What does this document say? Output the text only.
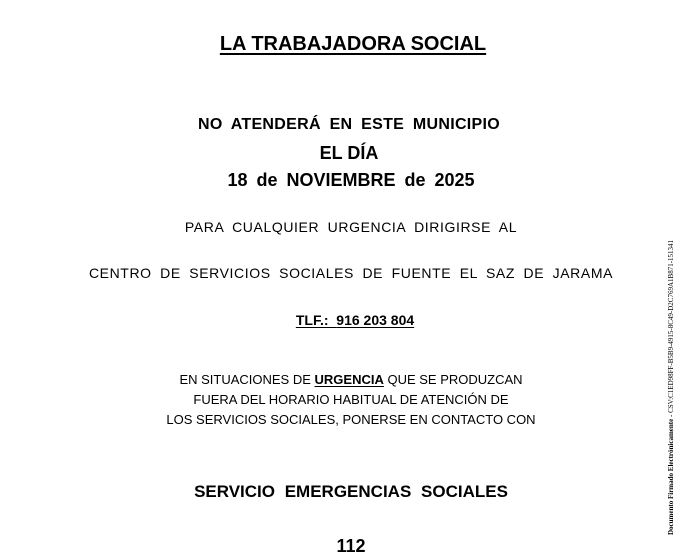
LA TRABAJADORA SOCIAL

NO ATENDERÁ EN ESTE MUNICIPIO

EL DÍA

18 de NOVIEMBRE de 2025

PARA CUALQUIER URGENCIA DIRIGIRSE AL

CENTRO DE SERVICIOS SOCIALES DE FUENTE EL SAZ DE JARAMA

TLF.: 916 203 804

EN SITUACIONES DE URGENCIA QUE SE PRODUZCAN

FUERA DEL HORARIO HABITUAL DE ATENCIÓN DE

LOS SERVICIOS SOCIALES, PONERSE EN CONTACTO CON

SERVICIO EMERGENCIAS SOCIALES

112

Documento Firmado Electrónicamente - CSV:C1ED98FF-B5B9-4915-8C49-D2C769A1B871-151341
